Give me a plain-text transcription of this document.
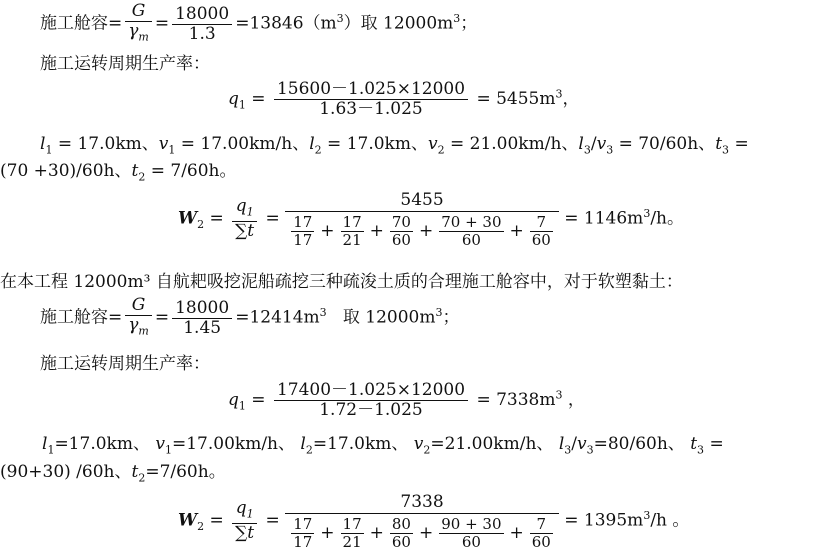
施工舱容= $\frac{G}{\gamma_m} = \frac{18000}{1.3} =13846(m^3)$取 $12000m^3$；
施工运转周期生产率：
$q_1 = \frac{15600-1.025\times 12000}{1.63-1.025} = 5455m^3$，
$l_1 = 17.0km$、$v_1 = 17.00km/h$、$l_2 = 17.0km$、$v_2 = 21.00km/h$、$l_3/v_3 = 70/60h$、$t_3$ =
(70 +30)/60h、$t_2 = 7/60h$。
$W_2 = \frac{q_1}{\sum t} = \frac{5455}{\frac{17}{17} + \frac{17}{21} + \frac{70}{60} + \frac{70 + 30}{60} + \frac{7}{60}} = 1146m^3/h$。
在本工程 12000m³ 自航耙吸挖泥船疏挖三种疏浚土质的合理施工舱容中，对于软塑黏土：
施工舱容= $\frac{G}{\gamma_m} = \frac{18000}{1.45} =12414m^3$ 取 $12000m^3$；
施工运转周期生产率：
$q_1 = \frac{17400-1.025\times 12000}{1.72-1.025} = 7338m^3$ ，
$l_1=17.0km$、 $v_1=17.00km/h$、 $l_2=17.0km$、 $v_2=21.00km/h$、 $l_3/v_3=80/60h$、 $t_3$ =
(90+30) /60h、$t_2=7/60h$。
$W_2 = \frac{q_1}{\sum t} = \frac{7338}{\frac{17}{17} + \frac{17}{21} + \frac{80}{60} + \frac{90 + 30}{60} + \frac{7}{60}} = 1395m^3/h$ 。
